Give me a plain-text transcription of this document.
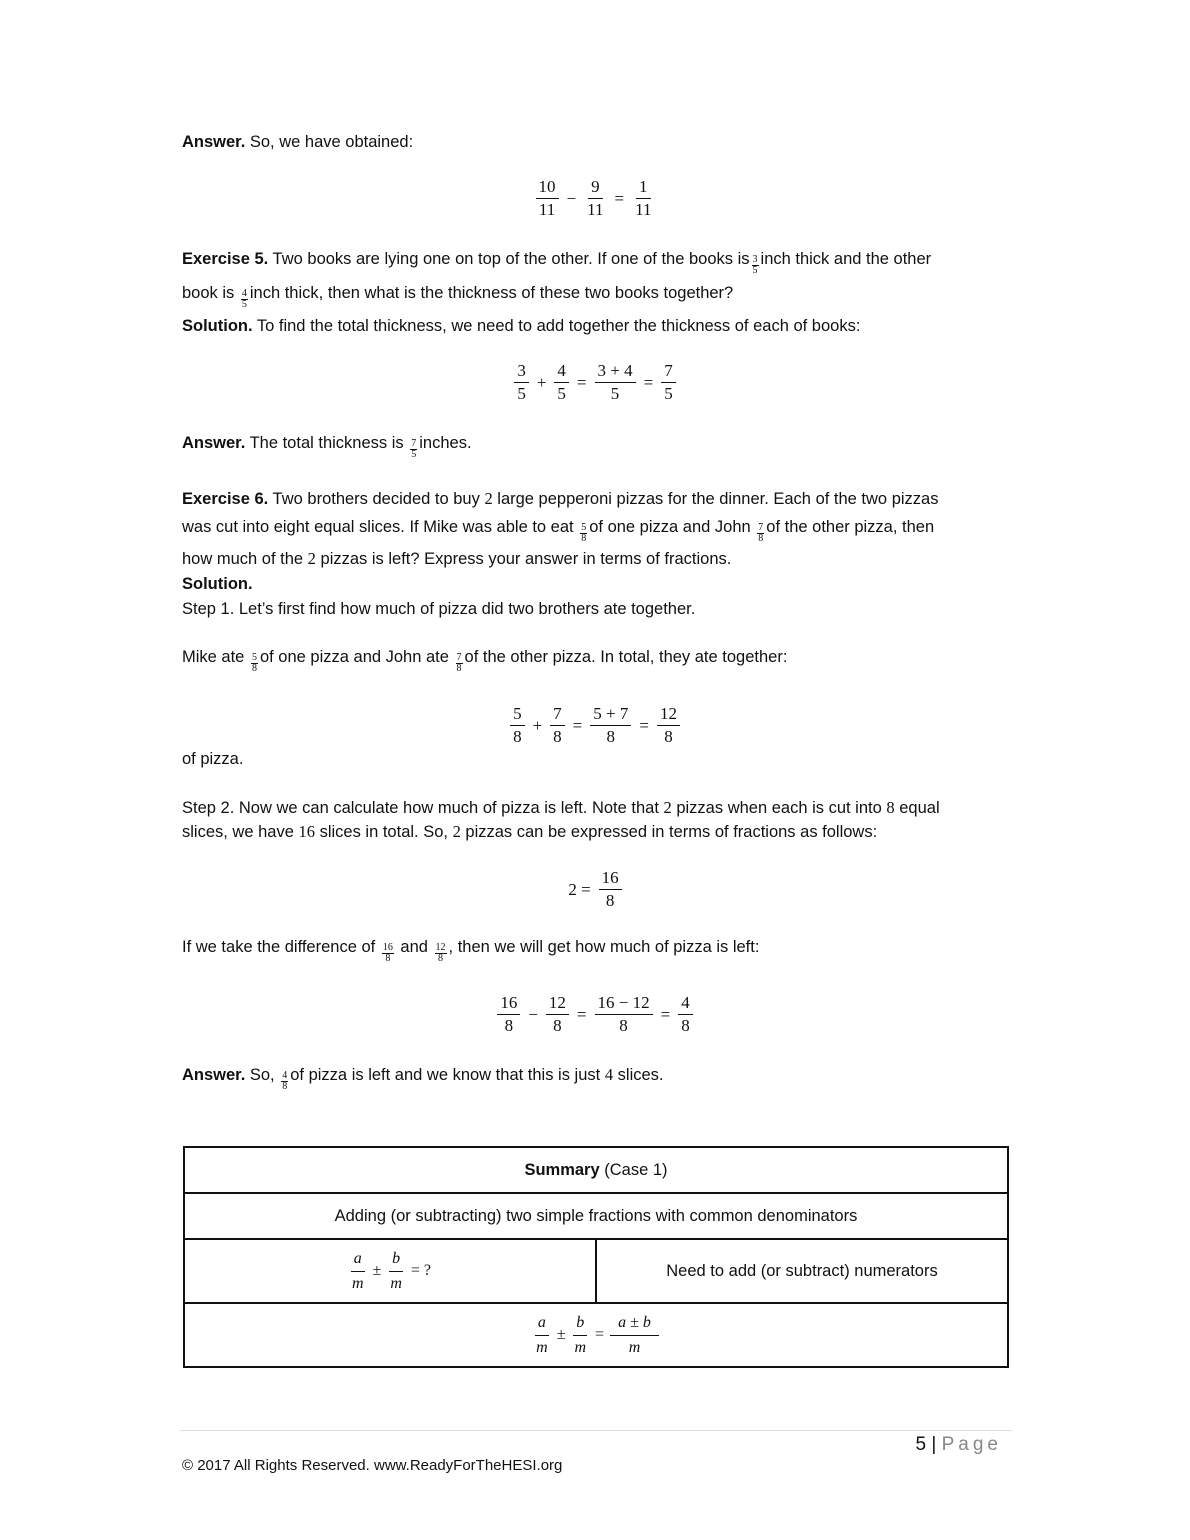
Answer. So, we have obtained:
$\frac{10}{11} - \frac{9}{11} = \frac{1}{11}$
Exercise 5. Two books are lying one on top of the other. If one of the books is $\frac{3}{5}$ inch thick and the other
book is $\frac{4}{5}$ inch thick, then what is the thickness of these two books together?
Solution. To find the total thickness, we need to add together the thickness of each of books:
$\frac{3}{5} + \frac{4}{5} = \frac{3 + 4}{5} = \frac{7}{5}$
Answer. The total thickness is $\frac{7}{5}$ inches.
Exercise 6. Two brothers decided to buy 2 large pepperoni pizzas for the dinner. Each of the two pizzas
was cut into eight equal slices. If Mike was able to eat $\frac{5}{8}$ of one pizza and John $\frac{7}{8}$ of the other pizza, then
how much of the 2 pizzas is left? Express your answer in terms of fractions.
Solution.
Step 1. Let’s first find how much of pizza did two brothers ate together.
Mike ate $\frac{5}{8}$ of one pizza and John ate $\frac{7}{8}$ of the other pizza. In total, they ate together:
$\frac{5}{8} + \frac{7}{8} = \frac{5 + 7}{8} = \frac{12}{8}$
of pizza.
Step 2. Now we can calculate how much of pizza is left. Note that 2 pizzas when each is cut into 8 equal
slices, we have 16 slices in total. So, 2 pizzas can be expressed in terms of fractions as follows:
$2 = \frac{16}{8}$
If we take the difference of $\frac{16}{8}$ and $\frac{12}{8}$ , then we will get how much of pizza is left:
$\frac{16}{8} - \frac{12}{8} = \frac{16 - 12}{8} = \frac{4}{8}$
Answer. So, $\frac{4}{8}$ of pizza is left and we know that this is just 4 slices.
Summary (Case 1)
Adding (or subtracting) two simple fractions with common denominators

$\frac{a}{m} \pm \frac{b}{m}$ = ?	Need to add (or subtract) numerators

$\frac{a}{m} \pm \frac{b}{m} = \frac{a \pm b}{m}$
5 | Page
© 2017 All Rights Reserved. www.ReadyForTheHESI.org
